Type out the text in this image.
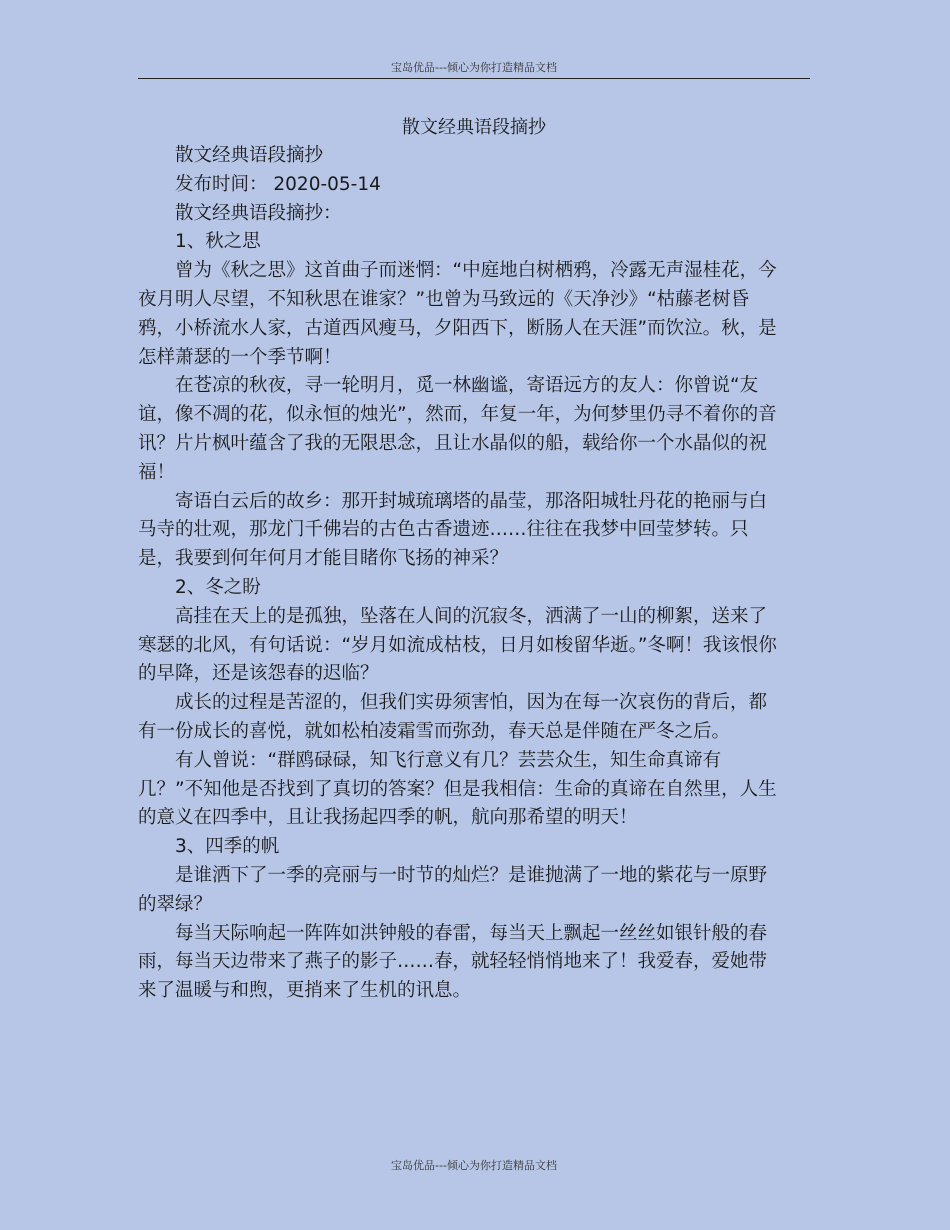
宝岛优品---倾心为你打造精品文档
散文经典语段摘抄

散文经典语段摘抄

发布时间： 2020-05-14

散文经典语段摘抄：

1、秋之思

曾为《秋之思》这首曲子而迷惘：“中庭地白树栖鸦，冷露无声湿桂花，今夜月明人尽望，不知秋思在谁家？”也曾为马致远的《天净沙》“枯藤老树昏鸦，小桥流水人家，古道西风瘦马，夕阳西下，断肠人在天涯”而饮泣。秋，是怎样萧瑟的一个季节啊！

在苍凉的秋夜，寻一轮明月，觅一林幽谧，寄语远方的友人：你曾说“友谊，像不凋的花，似永恒的烛光”，然而，年复一年，为何梦里仍寻不着你的音讯？片片枫叶蕴含了我的无限思念，且让水晶似的船，载给你一个水晶似的祝福！

寄语白云后的故乡：那开封城琉璃塔的晶莹，那洛阳城牡丹花的艳丽与白马寺的壮观，那龙门千佛岩的古色古香遗迹……往往在我梦中回莹梦转。只是，我要到何年何月才能目睹你飞扬的神采？

2、冬之盼

高挂在天上的是孤独，坠落在人间的沉寂冬，洒满了一山的柳絮，送来了寒瑟的北风，有句话说：“岁月如流成枯枝，日月如梭留华逝。”冬啊！我该恨你的早降，还是该怨春的迟临？

成长的过程是苦涩的，但我们实毋须害怕，因为在每一次哀伤的背后，都有一份成长的喜悦，就如松柏凌霜雪而弥劲，春天总是伴随在严冬之后。

有人曾说：“群鸥碌碌，知飞行意义有几？芸芸众生，知生命真谛有几？”不知他是否找到了真切的答案？但是我相信：生命的真谛在自然里，人生的意义在四季中，且让我扬起四季的帆，航向那希望的明天！

3、四季的帆

是谁洒下了一季的亮丽与一时节的灿烂？是谁抛满了一地的紫花与一原野的翠绿？

每当天际响起一阵阵如洪钟般的春雷，每当天上飘起一丝丝如银针般的春雨，每当天边带来了燕子的影子……春，就轻轻悄悄地来了！我爱春，爱她带来了温暖与和煦，更捎来了生机的讯息。

宝岛优品---倾心为你打造精品文档
